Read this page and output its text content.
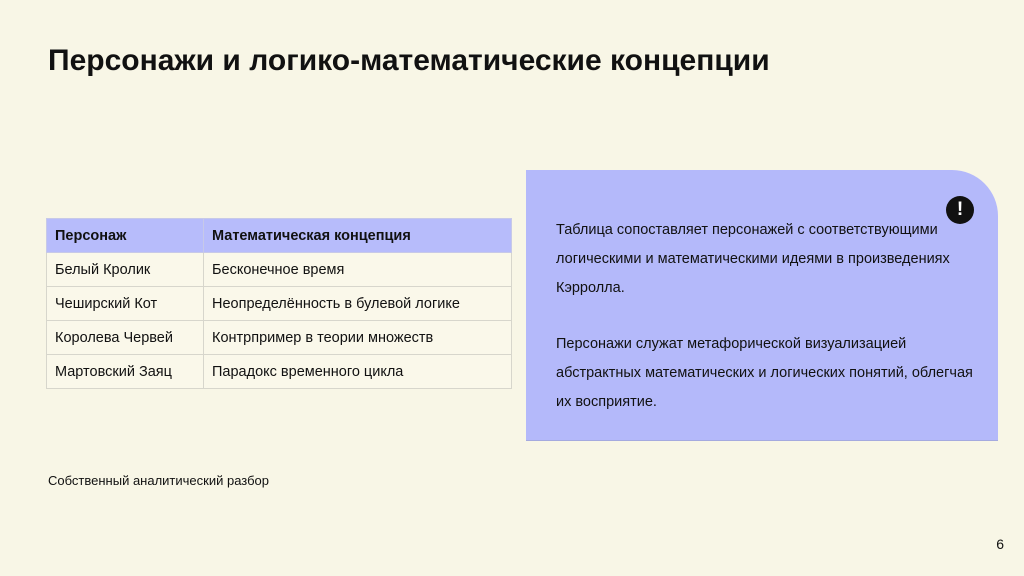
Персонажи и логико-математические концепции
Персонаж	Математическая концепция
Белый Кролик	Бесконечное время
Чеширский Кот	Неопределённость в булевой логике
Королева Червей	Контрпример в теории множеств
Мартовский Заяц	Парадокс временного цикла
!

Таблица сопоставляет персонажей с соответствующими логическими и математическими идеями в произведениях Кэрролла.

Персонажи служат метафорической визуализацией абстрактных математических и логических понятий, облегчая их восприятие.

Собственный аналитический разбор

6
